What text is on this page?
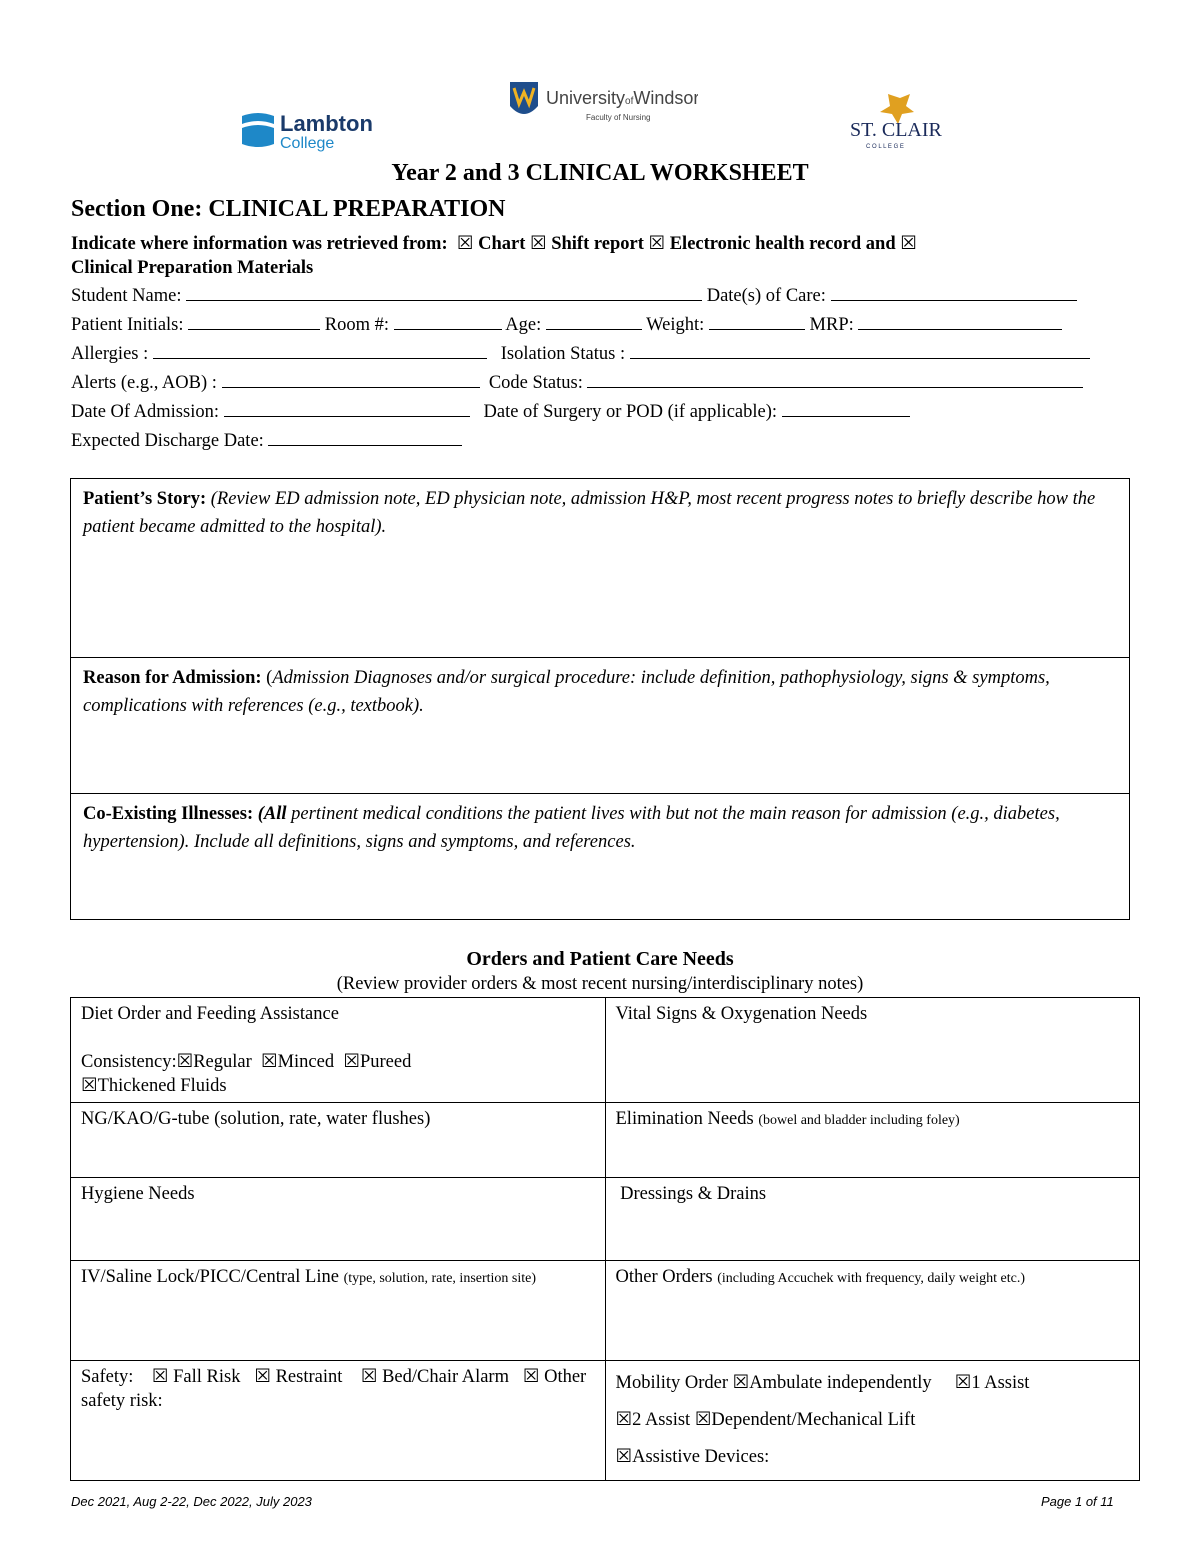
Lambton
College
UniversityofWindsor
Faculty of Nursing
ST. CLAIR
C O L L E G E
Year 2 and 3 CLINICAL WORKSHEET
Section One: CLINICAL PREPARATION
Indicate where information was retrieved from: ☒ Chart ☒ Shift report ☒ Electronic health record and ☒
Clinical Preparation Materials
Student Name:	Date(s) of Care:
Patient Initials:	Room #:	Age:	Weight:	MRP:
Allergies :	Isolation Status :
Alerts (e.g., AOB) :	Code Status:
Date Of Admission:	Date of Surgery or POD (if applicable):
Expected Discharge Date:

Patient’s Story: (Review ED admission note, ED physician note, admission H&P, most recent progress notes to briefly describe how the patient became admitted to the hospital).

Reason for Admission: (Admission Diagnoses and/or surgical procedure: include definition, pathophysiology, signs & symptoms, complications with references (e.g., textbook).

Co-Existing Illnesses: (All pertinent medical conditions the patient lives with but not the main reason for admission (e.g., diabetes, hypertension). Include all definitions, signs and symptoms, and references.

Orders and Patient Care Needs
(Review provider orders & most recent nursing/interdisciplinary notes)
Diet Order and Feeding Assistance
Consistency:☒Regular ☒Minced ☒Pureed
☒Thickened Fluids	Vital Signs & Oxygenation Needs
NG/KAO/G-tube (solution, rate, water flushes)	Elimination Needs (bowel and bladder including foley)
Hygiene Needs	Dressings & Drains
IV/Saline Lock/PICC/Central Line (type, solution, rate, insertion site)	Other Orders (including Accuchek with frequency, daily weight etc.)
Safety: ☒ Fall Risk ☒ Restraint ☒ Bed/Chair Alarm ☒ Other safety risk:	Mobility Order ☒Ambulate independently ☒1 Assist
☒2 Assist ☒Dependent/Mechanical Lift
☒Assistive Devices:
Dec 2021, Aug 2-22, Dec 2022, July 2023	Page 1 of 11
